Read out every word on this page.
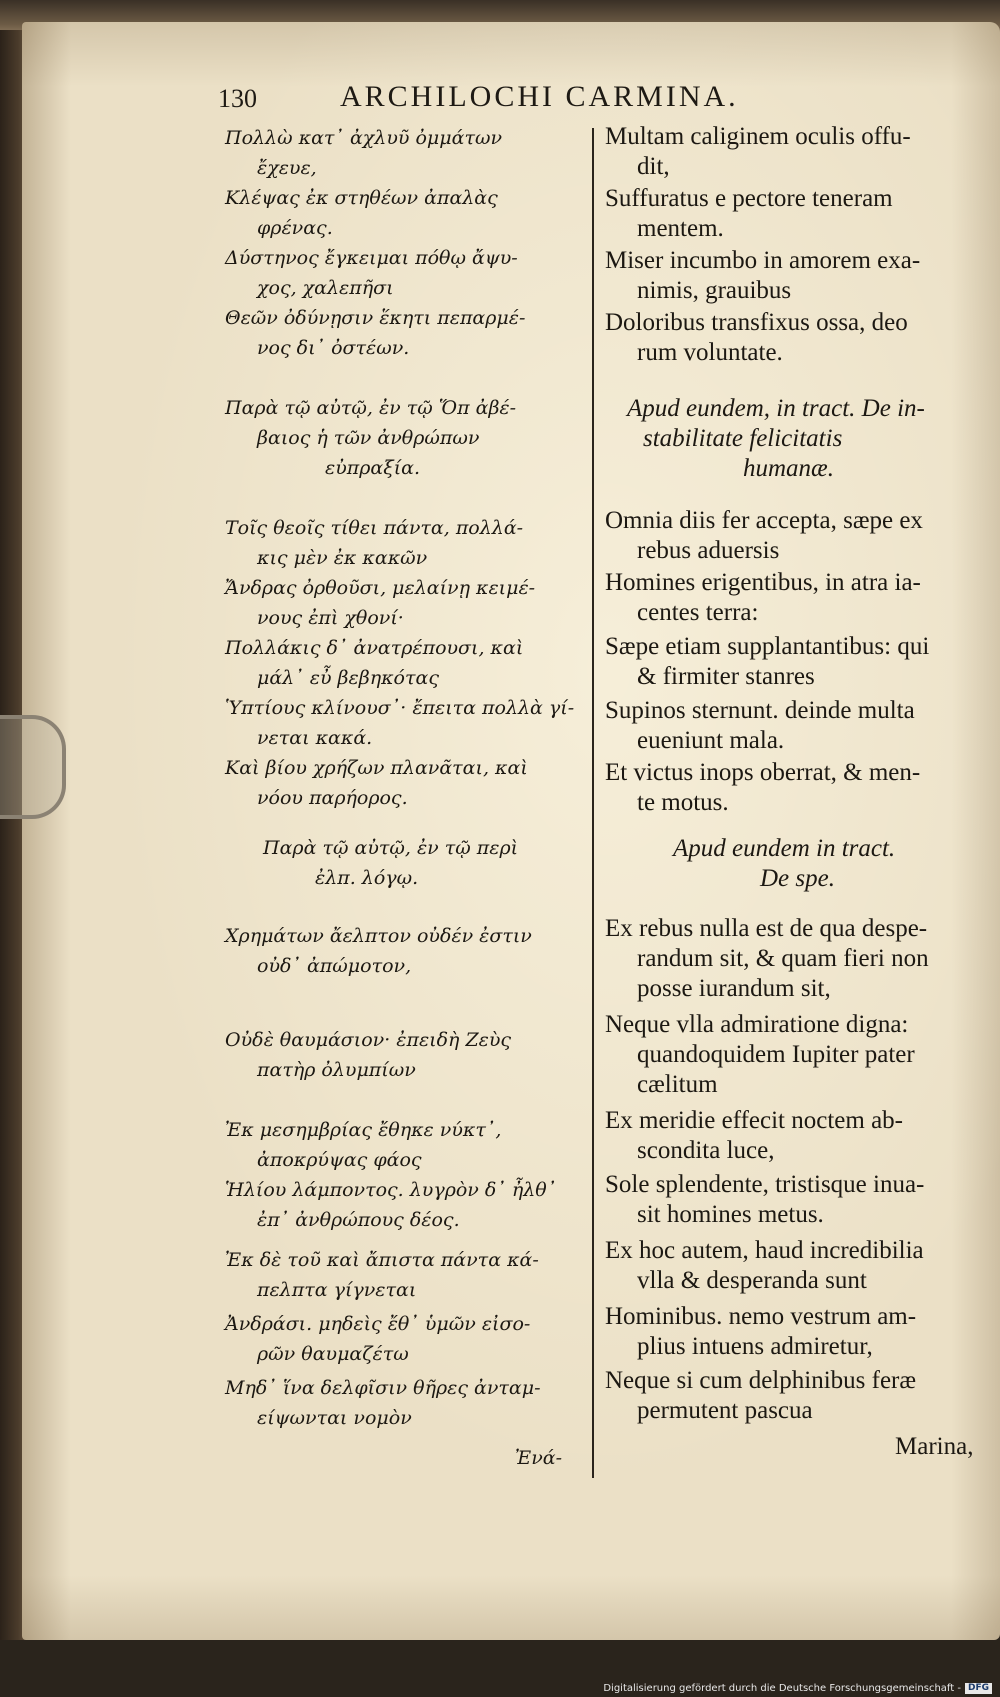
130	ARCHILOCHI CARMINA.
Πολλὼ κατ᾽ ἀχλυῦ ὀμμάτων
ἔχευε,
Κλέψας ἐκ στηθέων ἀπαλὰς
φρένας.
Δύστηνος ἔγκειμαι πόθῳ ἄψυ-
χος, χαλεπῆσι
Θεῶν ὀδύνῃσιν ἕκητι πεπαρμέ-
νος δι᾽ ὀστέων.
Παρὰ τῷ αὐτῷ, ἐν τῷ Ὅπ ἀβέ-
βαιος ἡ τῶν ἀνθρώπων
εὐπραξία.
Τοῖς θεοῖς τίθει πάντα, πολλά-
κις μὲν ἐκ κακῶν
Ἄνδρας ὀρθοῦσι, μελαίνῃ κειμέ-
νους ἐπὶ χθονί·
Πολλάκις δ᾽ ἀνατρέπουσι, καὶ
μάλ᾽ εὖ βεβηκότας
Ὑπτίους κλίνουσ᾽· ἔπειτα πολλὰ γί-
νεται κακά.
Καὶ βίου χρήζων πλανᾶται, καὶ
νόου παρήορος.
Παρὰ τῷ αὐτῷ, ἐν τῷ περὶ
ἐλπ. λόγῳ.
Χρημάτων ἄελπτον οὐδέν ἐστιν
οὐδ᾽ ἀπώμοτον,
Οὐδὲ θαυμάσιον· ἐπειδὴ Ζεὺς
πατὴρ ὀλυμπίων
Ἐκ μεσημβρίας ἔθηκε νύκτ᾽,
ἀποκρύψας φάος
Ἡλίου λάμποντος. λυγρὸν δ᾽ ἦλθ᾽
ἐπ᾽ ἀνθρώπους δέος.
Ἐκ δὲ τοῦ καὶ ἄπιστα πάντα κά-
πελπτα γίγνεται
Ἀνδράσι. μηδεὶς ἔθ᾽ ὑμῶν εἰσο-
ρῶν θαυμαζέτω
Μηδ᾽ ἵνα δελφῖσιν θῆρες ἀνταμ-
είψωνται νομὸν
Ἐνά-
Multam caliginem oculis offu-
dit,
Suffuratus e pectore teneram
mentem.
Miser incumbo in amorem exa-
nimis, grauibus
Doloribus transfixus ossa, deo
rum voluntate.
Apud eundem, in tract. De in-
stabilitate felicitatis
humanæ.
Omnia diis fer accepta, sæpe ex
rebus aduersis
Homines erigentibus, in atra ia-
centes terra:
Sæpe etiam supplantantibus: qui
& firmiter stanres
Supinos sternunt. deinde multa
eueniunt mala.
Et victus inops oberrat, & men-
te motus.
Apud eundem in tract.
De spe.
Ex rebus nulla est de qua despe-
randum sit, & quam fieri non
posse iurandum sit,
Neque vlla admiratione digna:
quandoquidem Iupiter pater
cælitum
Ex meridie effecit noctem ab-
scondita luce,
Sole splendente, tristisque inua-
sit homines metus.
Ex hoc autem, haud incredibilia
vlla & desperanda sunt
Hominibus. nemo vestrum am-
plius intuens admiretur,
Neque si cum delphinibus feræ
permutent pascua
Marina,
Digitalisierung gefördert durch die Deutsche Forschungsgemeinschaft - DFG
